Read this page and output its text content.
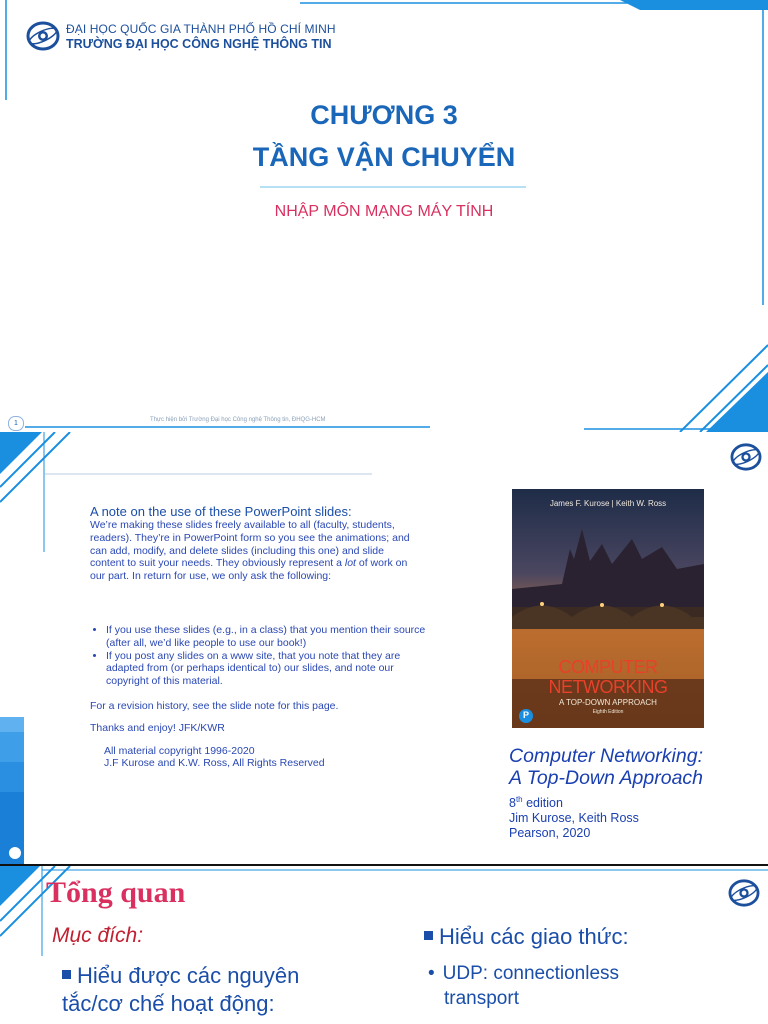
ĐẠI HỌC QUỐC GIA THÀNH PHỐ HỒ CHÍ MINH
TRƯỜNG ĐẠI HỌC CÔNG NGHỆ THÔNG TIN
CHƯƠNG 3
TẦNG VẬN CHUYỂN
NHẬP MÔN MẠNG MÁY TÍNH
1	Thực hiện bởi Trường Đại học Công nghệ Thông tin, ĐHQG-HCM
A note on the use of these PowerPoint slides:
We’re making these slides freely available to all (faculty, students, readers). They’re in PowerPoint form so you see the animations; and can add, modify, and delete slides (including this one) and slide content to suit your needs. They obviously represent a lot of work on our part. In return for use, we only ask the following:
• If you use these slides (e.g., in a class) that you mention their source (after all, we’d like people to use our book!)
• If you post any slides on a www site, that you note that they are adapted from (or perhaps identical to) our slides, and note our copyright of this material.
For a revision history, see the slide note for this page.
Thanks and enjoy! JFK/KWR
All material copyright 1996-2020
J.F Kurose and K.W. Ross, All Rights Reserved
James F. Kurose | Keith W. Ross
COMPUTER
NETWORKING
A TOP-DOWN APPROACH
Eighth Edition
P
Computer Networking:
A Top-Down Approach
8th edition
Jim Kurose, Keith Ross
Pearson, 2020
Tổng quan
Mục đích:
Hiểu được các nguyên tắc/cơ chế hoạt động:
Hiểu các giao thức:
• UDP: connectionless
transport
